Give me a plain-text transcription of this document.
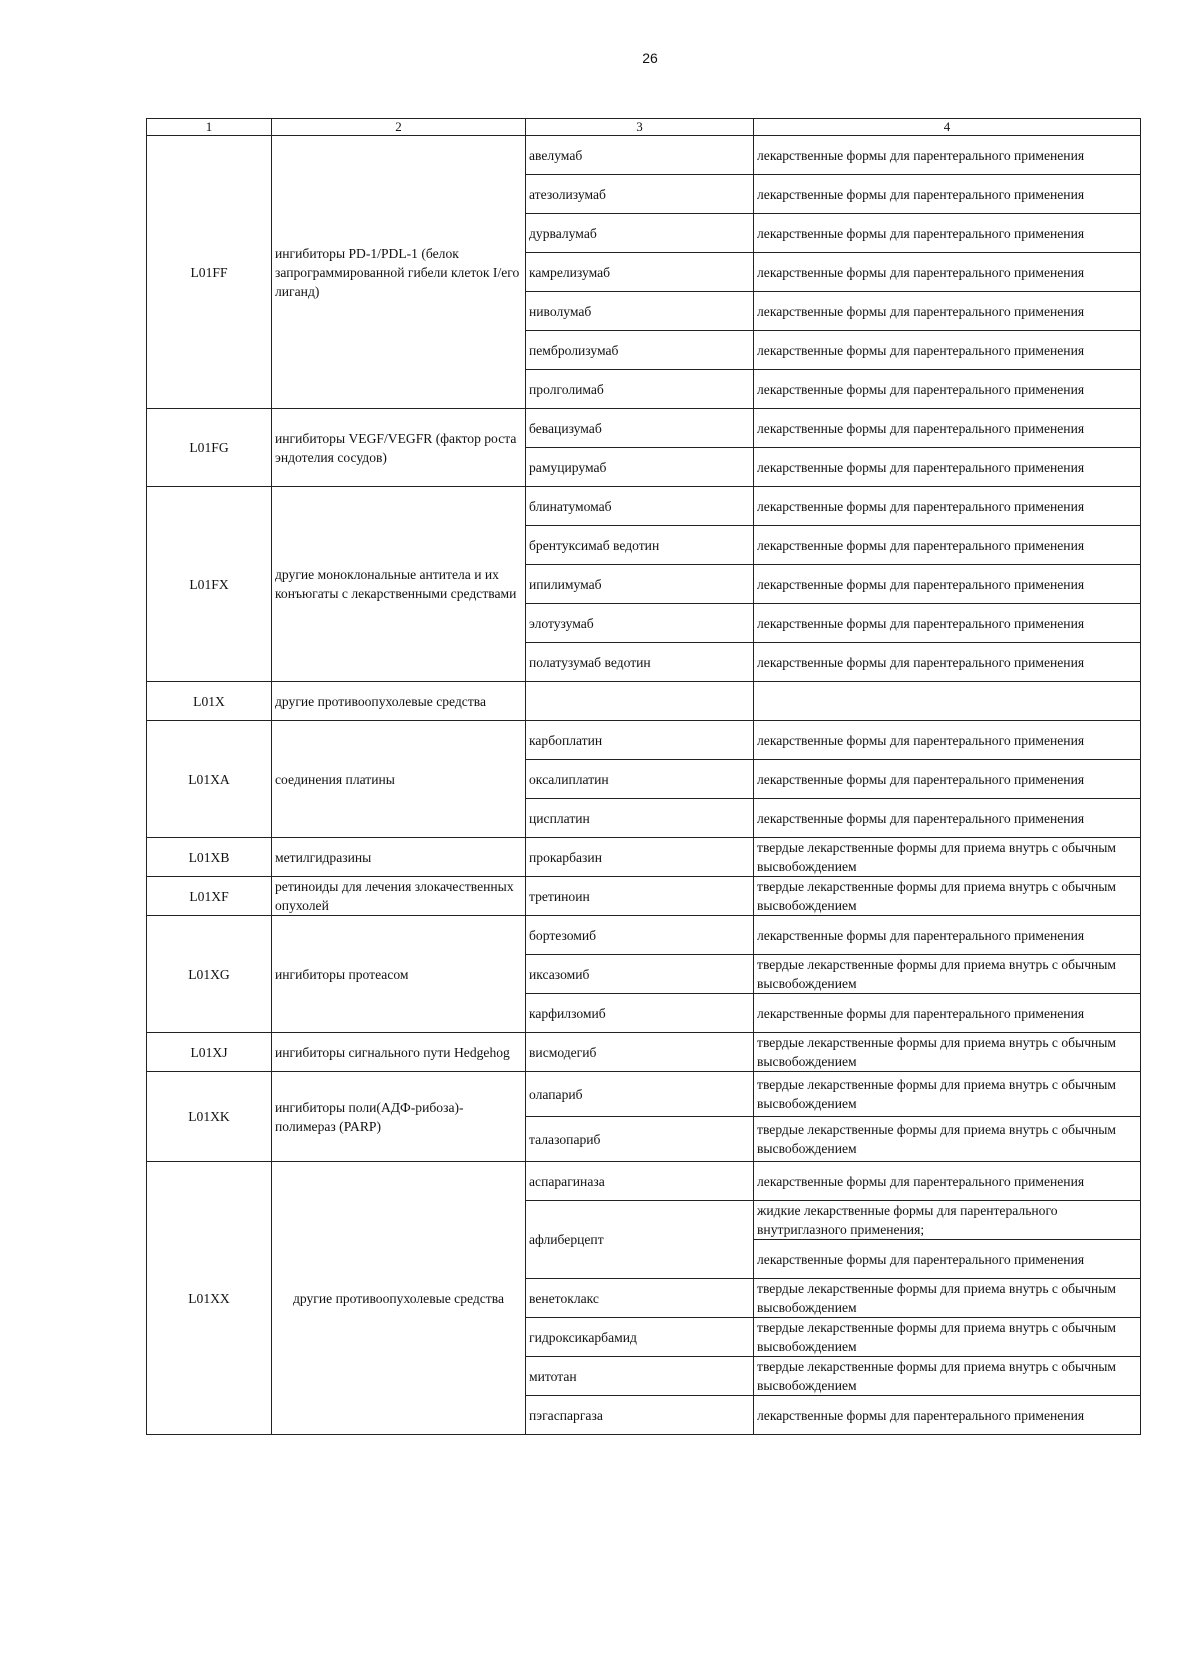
26
1	2	3	4
L01FF	ингибиторы PD-1/PDL-1 (белок запрограммированной гибели клеток I/его лиганд)	авелумаб	лекарственные формы для парентерального применения
		атезолизумаб	лекарственные формы для парентерального применения
		дурвалумаб	лекарственные формы для парентерального применения
		камрелизумаб	лекарственные формы для парентерального применения
		ниволумаб	лекарственные формы для парентерального применения
		пембролизумаб	лекарственные формы для парентерального применения
		пролголимаб	лекарственные формы для парентерального применения
L01FG	ингибиторы VEGF/VEGFR (фактор роста эндотелия сосудов)	бевацизумаб	лекарственные формы для парентерального применения
		рамуцирумаб	лекарственные формы для парентерального применения
L01FX	другие моноклональные антитела и их конъюгаты с лекарственными средствами	блинатумомаб	лекарственные формы для парентерального применения
		брентуксимаб ведотин	лекарственные формы для парентерального применения
		ипилимумаб	лекарственные формы для парентерального применения
		элотузумаб	лекарственные формы для парентерального применения
		полатузумаб ведотин	лекарственные формы для парентерального применения
L01X	другие противоопухолевые средства		
L01XA	соединения платины	карбоплатин	лекарственные формы для парентерального применения
		оксалиплатин	лекарственные формы для парентерального применения
		цисплатин	лекарственные формы для парентерального применения
L01XB	метилгидразины	прокарбазин	твердые лекарственные формы для приема внутрь с обычным высвобождением
L01XF	ретиноиды для лечения злокачественных опухолей	третиноин	твердые лекарственные формы для приема внутрь с обычным высвобождением
L01XG	ингибиторы протеасом	бортезомиб	лекарственные формы для парентерального применения
		иксазомиб	твердые лекарственные формы для приема внутрь с обычным высвобождением
		карфилзомиб	лекарственные формы для парентерального применения
L01XJ	ингибиторы сигнального пути Hedgehog	висмодегиб	твердые лекарственные формы для приема внутрь с обычным высвобождением
L01XK	ингибиторы поли(АДФ-рибоза)-полимераз (PARP)	олапариб	твердые лекарственные формы для приема внутрь с обычным высвобождением
		талазопариб	твердые лекарственные формы для приема внутрь с обычным высвобождением
L01XX	другие противоопухолевые средства	аспарагиназа	лекарственные формы для парентерального применения
		афлиберцепт	жидкие лекарственные формы для парентерального внутриглазного применения;
			лекарственные формы для парентерального применения
		венетоклакс	твердые лекарственные формы для приема внутрь с обычным высвобождением
		гидроксикарбамид	твердые лекарственные формы для приема внутрь с обычным высвобождением
		митотан	твердые лекарственные формы для приема внутрь с обычным высвобождением
		пэгаспаргаза	лекарственные формы для парентерального применения
